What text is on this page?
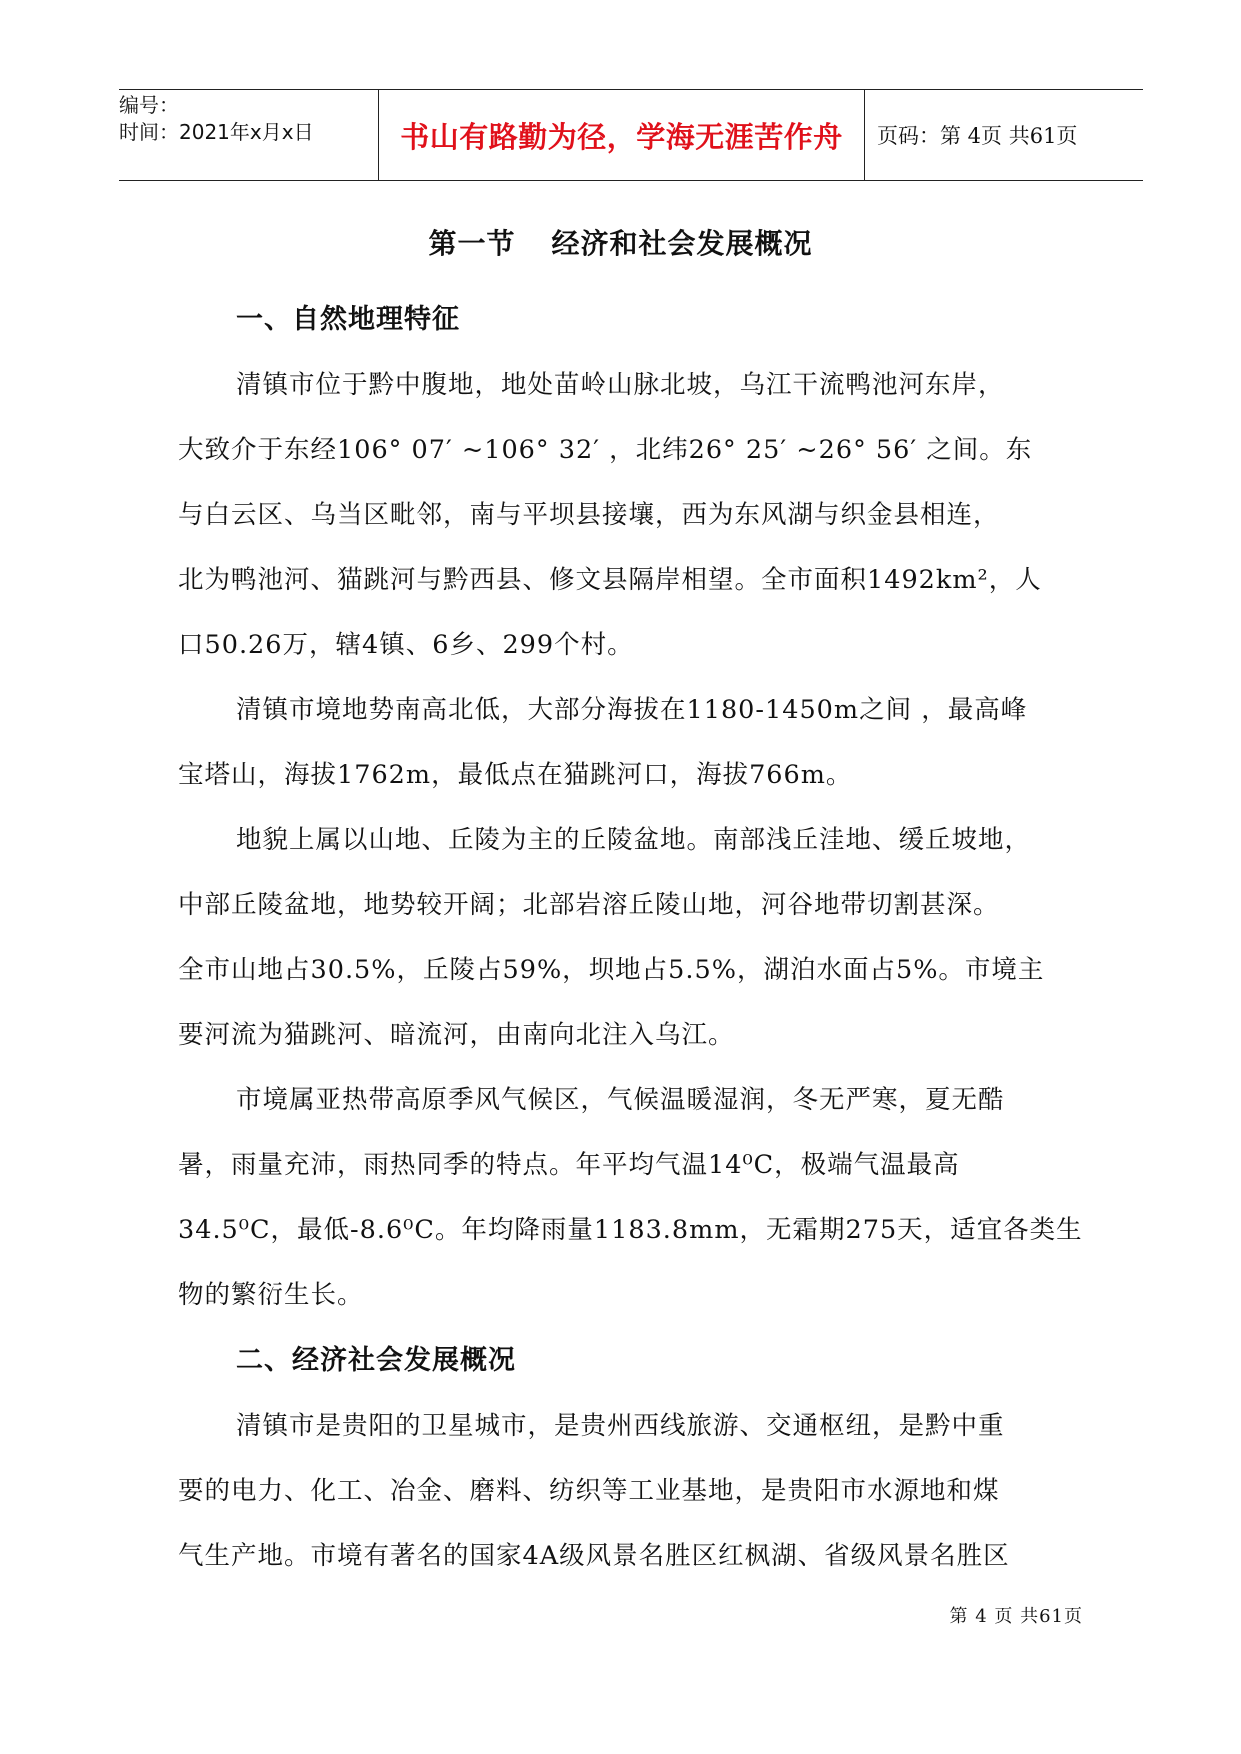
编号：
时间：2021年x月x日	书山有路勤为径，学海无涯苦作舟 页码：第 4页 共61页
第一节 经济和社会发展概况
一、自然地理特征

清镇市位于黔中腹地，地处苗岭山脉北坡，乌江干流鸭池河东岸，
大致介于东经106° 07′ ~106° 32′ ，北纬26° 25′ ~26° 56′ 之间。东
与白云区、乌当区毗邻，南与平坝县接壤，西为东风湖与织金县相连，
北为鸭池河、猫跳河与黔西县、修文县隔岸相望。全市面积1492km²，人
口50.26万，辖4镇、6乡、299个村。

清镇市境地势南高北低，大部分海拔在1180-1450m之间 ，最高峰
宝塔山，海拔1762m，最低点在猫跳河口，海拔766m。

地貌上属以山地、丘陵为主的丘陵盆地。南部浅丘洼地、缓丘坡地，
中部丘陵盆地，地势较开阔；北部岩溶丘陵山地，河谷地带切割甚深。
全市山地占30.5%，丘陵占59%，坝地占5.5%，湖泊水面占5%。市境主
要河流为猫跳河、暗流河，由南向北注入乌江。

市境属亚热带高原季风气候区，气候温暖湿润，冬无严寒，夏无酷
暑，雨量充沛，雨热同季的特点。年平均气温14⁰C，极端气温最高
34.5⁰C，最低-8.6⁰C。年均降雨量1183.8mm，无霜期275天，适宜各类生
物的繁衍生长。

二、经济社会发展概况

清镇市是贵阳的卫星城市，是贵州西线旅游、交通枢纽，是黔中重
要的电力、化工、冶金、磨料、纺织等工业基地，是贵阳市水源地和煤
气生产地。市境有著名的国家4A级风景名胜区红枫湖、省级风景名胜区

第 4 页 共61页
